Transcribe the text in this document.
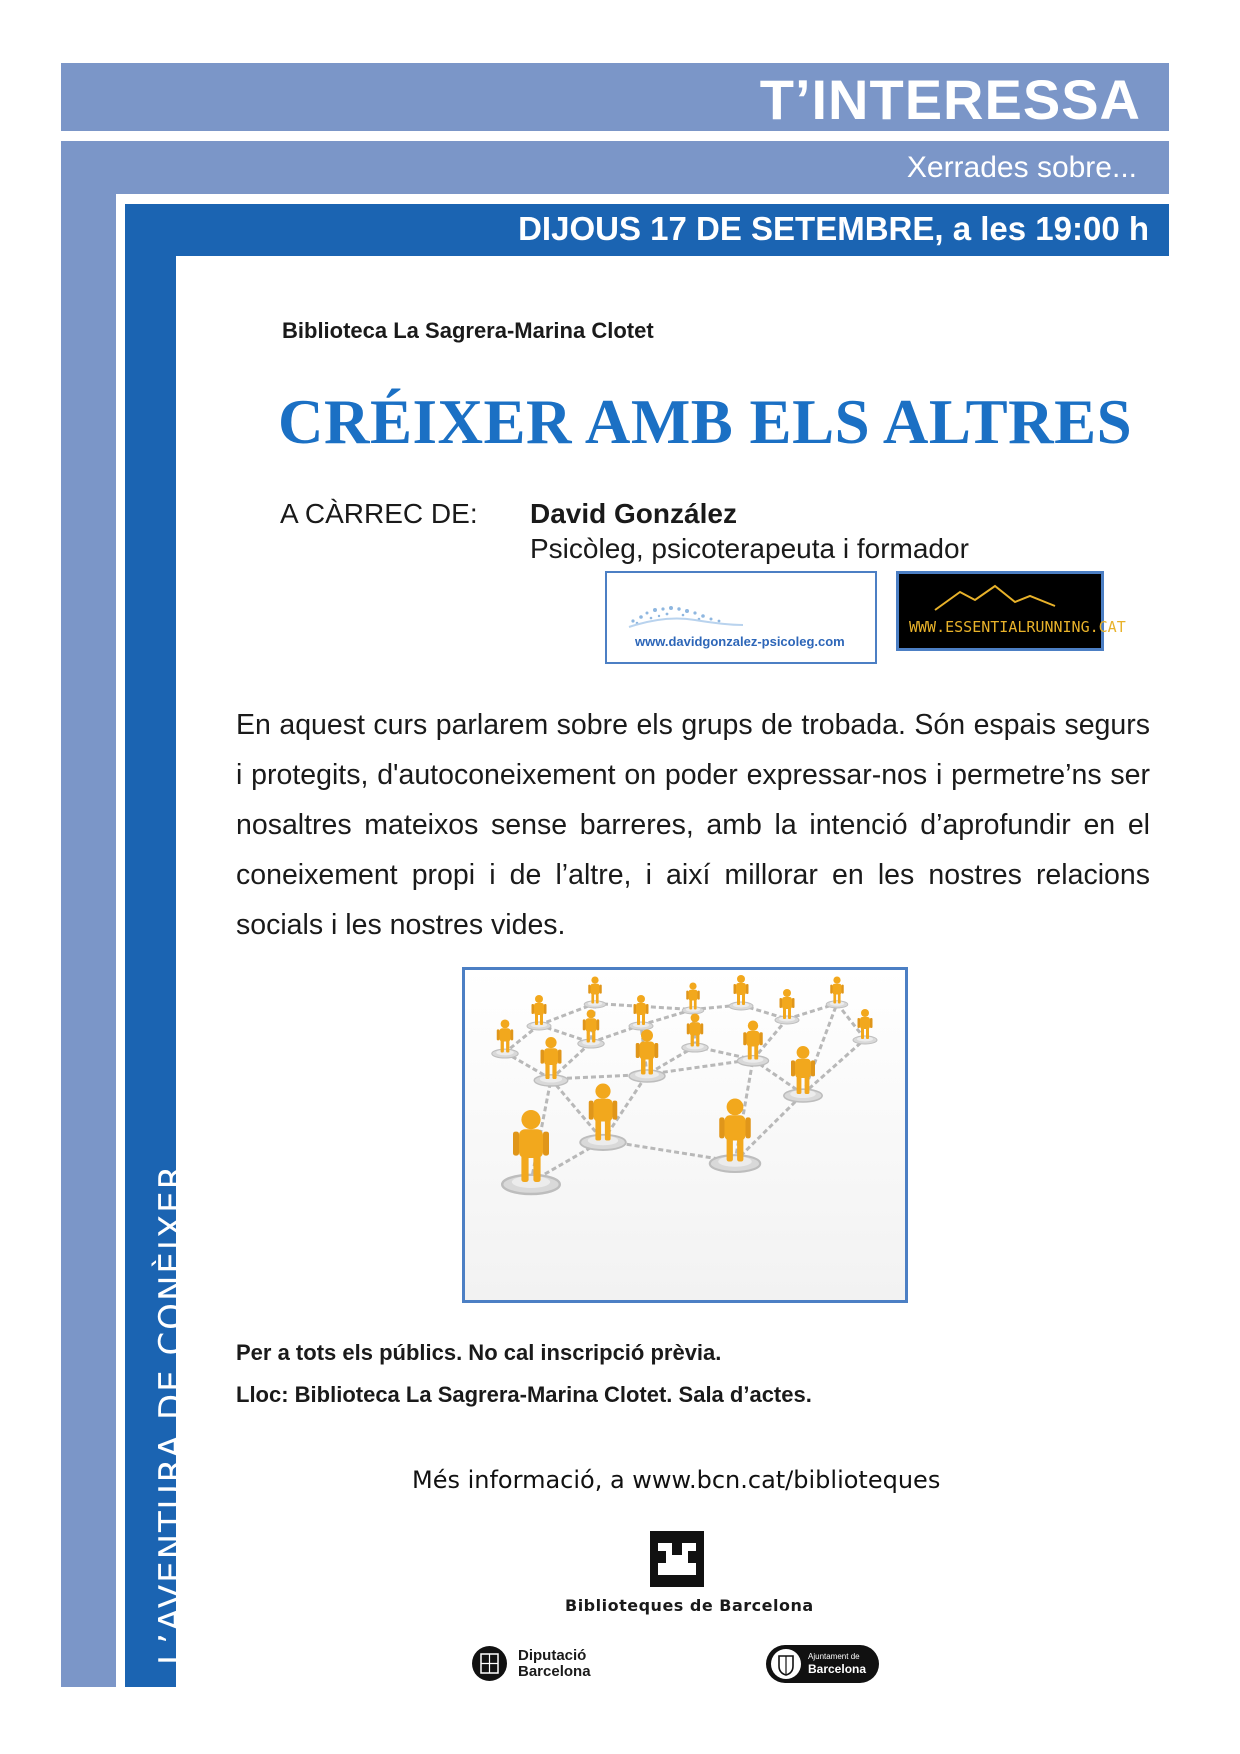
T’INTERESSA
Xerrades sobre...
DIJOUS 17 DE SETEMBRE, a les 19:00 h
L’AVENTURA DE CONÈIXER
Biblioteca La Sagrera-Marina Clotet
CRÉIXER AMB ELS ALTRES
A CÀRREC DE: David González
Psicòleg, psicoterapeuta i formador
www.davidgonzalez-psicoleg.com
WWW.ESSENTIALRUNNING.CAT
En aquest curs parlarem sobre els grups de trobada. Són espais segurs i protegits, d'autoconeixement on poder expressar-nos i permetre’ns ser nosaltres mateixos sense barreres, amb la intenció d’aprofundir en el coneixement propi i de l’altre, i així millorar en les nostres relacions socials i les nostres vides.
Per a tots els públics. No cal inscripció prèvia.
Lloc: Biblioteca La Sagrera-Marina Clotet. Sala d’actes.
Més informació, a www.bcn.cat/biblioteques
Biblioteques de Barcelona
Diputació
Barcelona
Ajuntament de
Barcelona
